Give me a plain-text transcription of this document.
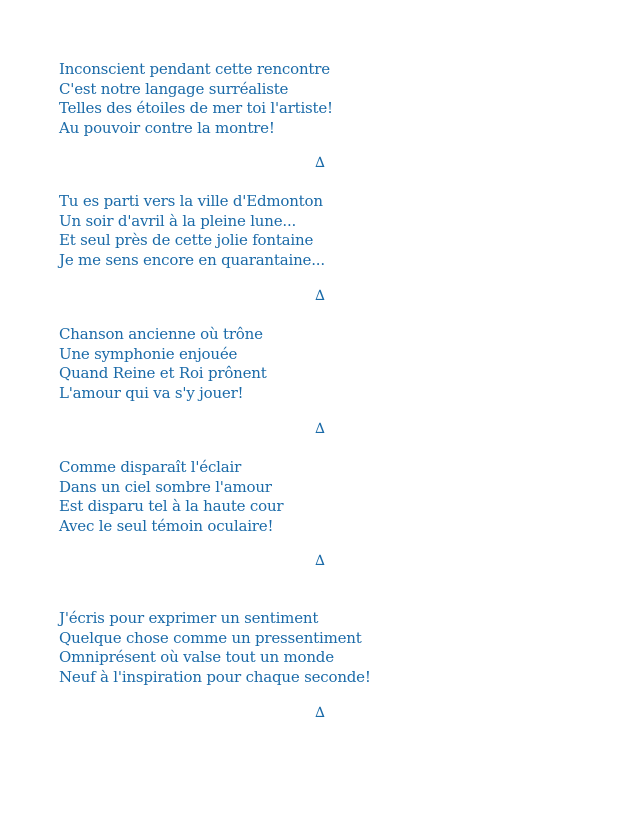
Inconscient pendant cette rencontre
C'est notre langage surréaliste
Telles des étoiles de mer toi l'artiste!
Au pouvoir contre la montre!
∆
Tu es parti vers la ville d'Edmonton
Un soir d'avril à la pleine lune...
Et seul près de cette jolie fontaine
Je me sens encore en quarantaine...
∆
Chanson ancienne où trône
Une symphonie enjouée
Quand Reine et Roi prônent
L'amour qui va s'y jouer!
∆
Comme disparaît l'éclair
Dans un ciel sombre l'amour
Est disparu tel à la haute cour
Avec le seul témoin oculaire!
∆
J'écris pour exprimer un sentiment
Quelque chose comme un pressentiment
Omniprésent où valse tout un monde
Neuf à l'inspiration pour chaque seconde!
∆
